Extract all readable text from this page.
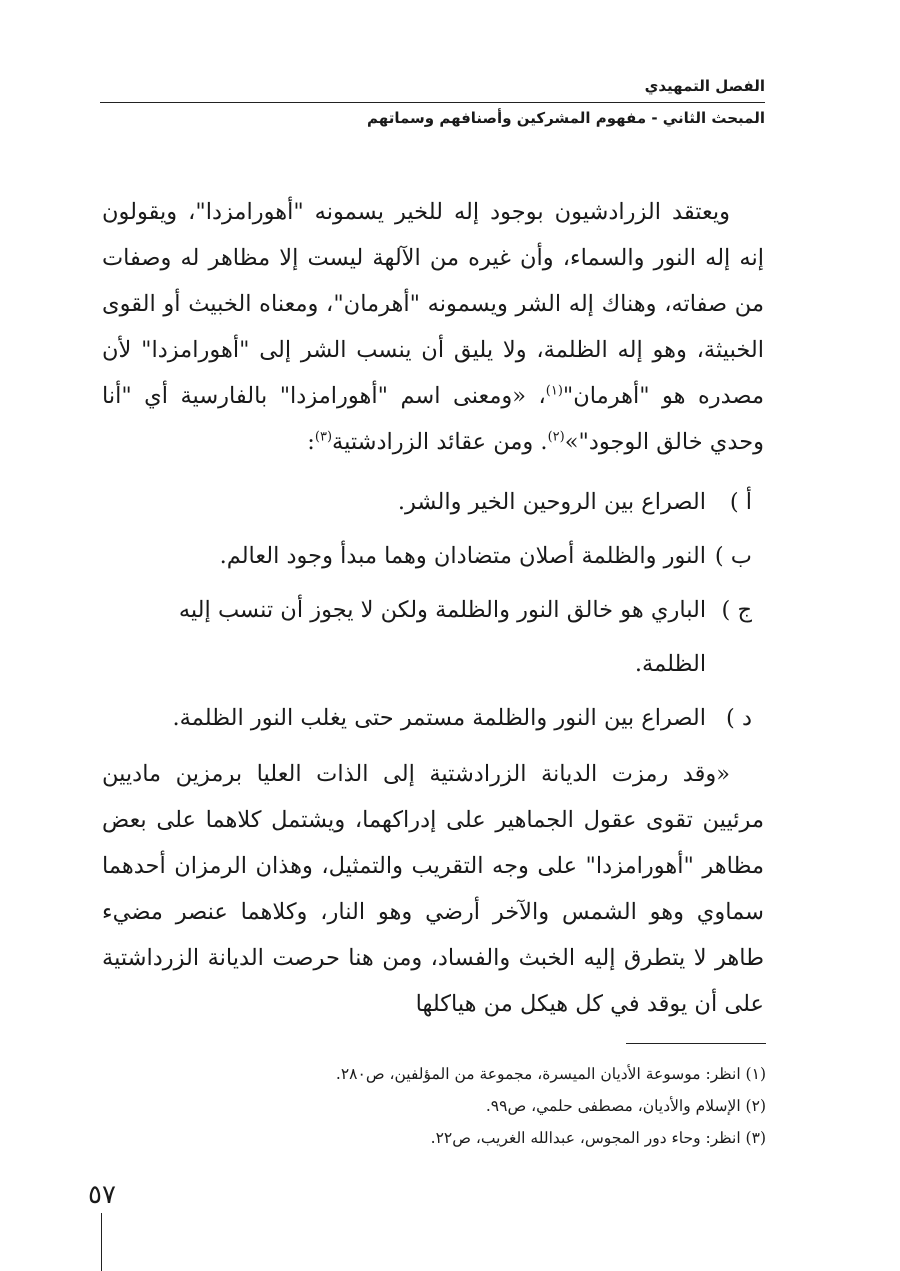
الفصل التمهيدي
المبحث الثاني - مفهوم المشركين وأصنافهم وسماتهم

ويعتقد الزرادشيون بوجود إله للخير يسمونه "أهورامزدا"، ويقولون إنه إله النور والسماء، وأن غيره من الآلهة ليست إلا مظاهر له وصفات من صفاته، وهناك إله الشر ويسمونه "أهرمان"، ومعناه الخبيث أو القوى الخبيثة، وهو إله الظلمة، ولا يليق أن ينسب الشر إلى "أهورامزدا" لأن مصدره هو "أهرمان"$^{(١)}$، «ومعنى اسم "أهورامزدا" بالفارسية أي "أنا وحدي خالق الوجود"»$^{(٢)}$. ومن عقائد الزرادشتية$^{(٣)}$:

أ )
الصراع بين الروحين الخير والشر.
ب )
النور والظلمة أصلان متضادان وهما مبدأ وجود العالم.
ج )
الباري هو خالق النور والظلمة ولكن لا يجوز أن تنسب إليه الظلمة.
د )
الصراع بين النور والظلمة مستمر حتى يغلب النور الظلمة.

«وقد رمزت الديانة الزرادشتية إلى الذات العليا برمزين ماديين مرئيين تقوى عقول الجماهير على إدراكهما، ويشتمل كلاهما على بعض مظاهر "أهورامزدا" على وجه التقريب والتمثيل، وهذان الرمزان أحدهما سماوي وهو الشمس والآخر أرضي وهو النار، وكلاهما عنصر مضيء طاهر لا يتطرق إليه الخبث والفساد، ومن هنا حرصت الديانة الزرداشتية على أن يوقد في كل هيكل من هياكلها

(١) انظر: موسوعة الأديان الميسرة، مجموعة من المؤلفين، ص٢٨٠.
(٢) الإسلام والأديان، مصطفى حلمي، ص٩٩.
(٣) انظر: وحاء دور المجوس، عبدالله الغريب، ص٢٢.
٥٧
